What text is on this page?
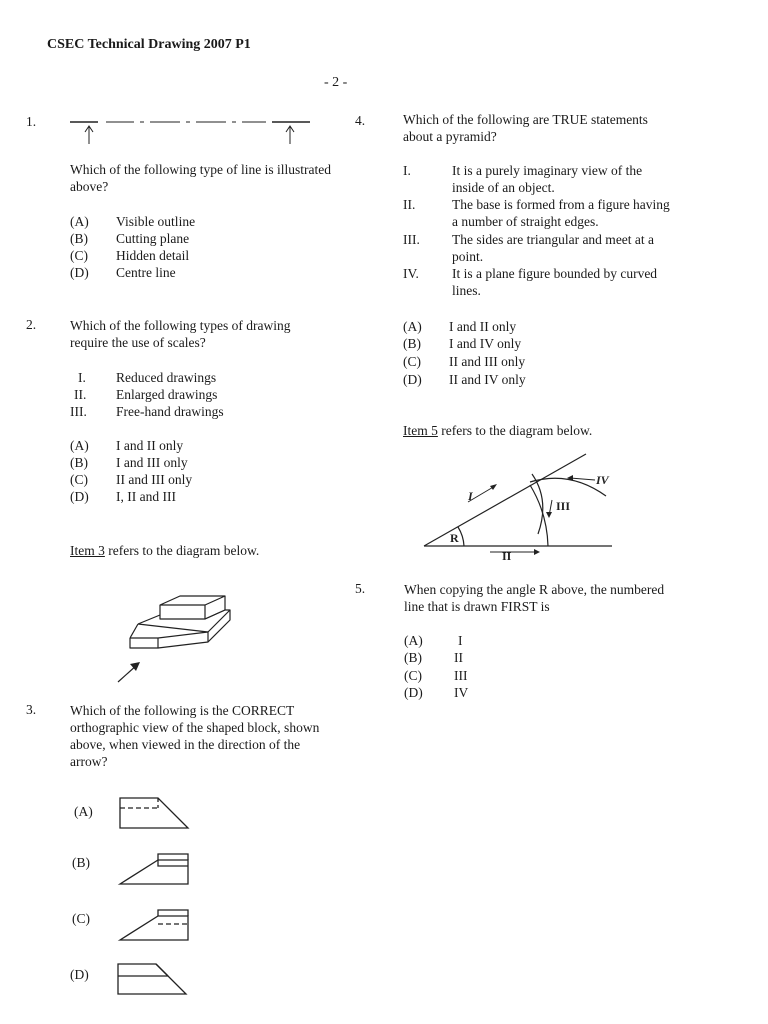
CSEC Technical Drawing 2007 P1
- 2 -
1.
Which of the following type of line is illustrated above?
(A) Visible outline
(B) Cutting plane
(C) Hidden detail
(D) Centre line
2.	Which of the following types of drawing require the use of scales?
I. Reduced drawings
II. Enlarged drawings
III. Free-hand drawings
(A) I and II only
(B) I and III only
(C) II and III only
(D) I, II and III
Item 3 refers to the diagram below.
3.	Which of the following is the CORRECT orthographic view of the shaped block, shown above, when viewed in the direction of the arrow?
(A)
(B)
(C)
(D)
4.	Which of the following are TRUE statements about a pyramid?
I.	It is a purely imaginary view of the inside of an object.
II.	The base is formed from a figure having a number of straight edges.
III. The sides are triangular and meet at a point.
IV. It is a plane figure bounded by curved lines.
(A) I and II only
(B) I and IV only
(C) II and III only
(D) II and IV only
Item 5 refers to the diagram below.
I
II
III
IV
R
5.	When copying the angle R above, the numbered line that is drawn FIRST is
(A)	I
(B) II
(C) III
(D) IV
